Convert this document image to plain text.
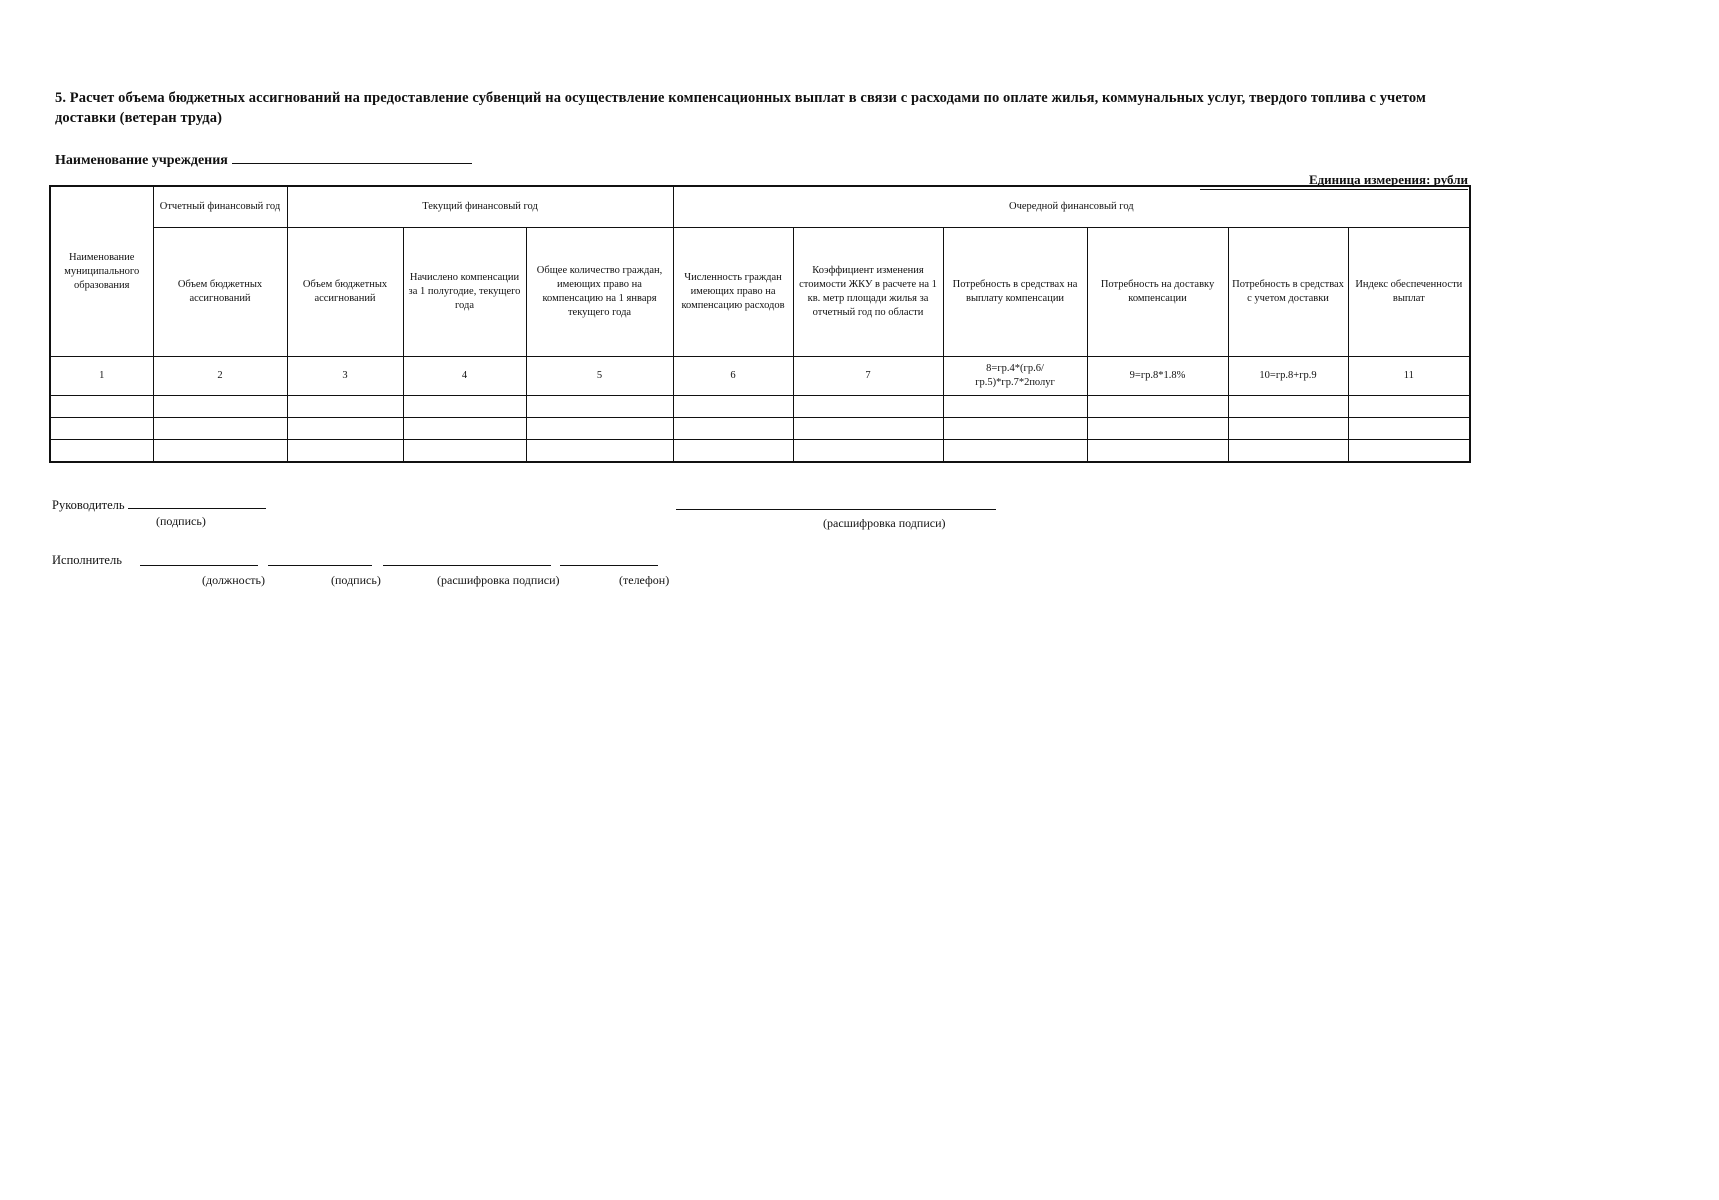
5. Расчет объема бюджетных ассигнований на предоставление субвенций на осуществление компенсационных выплат в связи с расходами по оплате жилья, коммунальных услуг, твердого топлива с учетом доставки (ветеран труда)
Наименование учреждения
Единица измерения: рубли
Наименование муниципального образования	Отчетный финансовый год	Текущий финансовый год			Очередной финансовый год					
	Объем бюджетных ассигнований	Объем бюджетных ассигнований	Начислено компенсации за 1 полугодие, текущего года	Общее количество граждан, имеющих право на компенсацию на 1 января текущего года	Численность граждан имеющих право на компенсацию расходов	Коэффициент изменения стоимости ЖКУ в расчете на 1 кв. метр площади жилья за отчетный год по области	Потребность в средствах на выплату компенсации	Потребность на доставку компенсации	Потребность в средствах с учетом доставки	Индекс обеспеченности выплат
1	2	3	4	5	6	7	8=гр.4*(гр.6/гр.5)*гр.7*2полуг	9=гр.8*1.8%	10=гр.8+гр.9	11

Руководитель
(подпись)	(расшифровка подписи)
Исполнитель
(должность)	(подпись)	(расшифровка подписи)	(телефон)
